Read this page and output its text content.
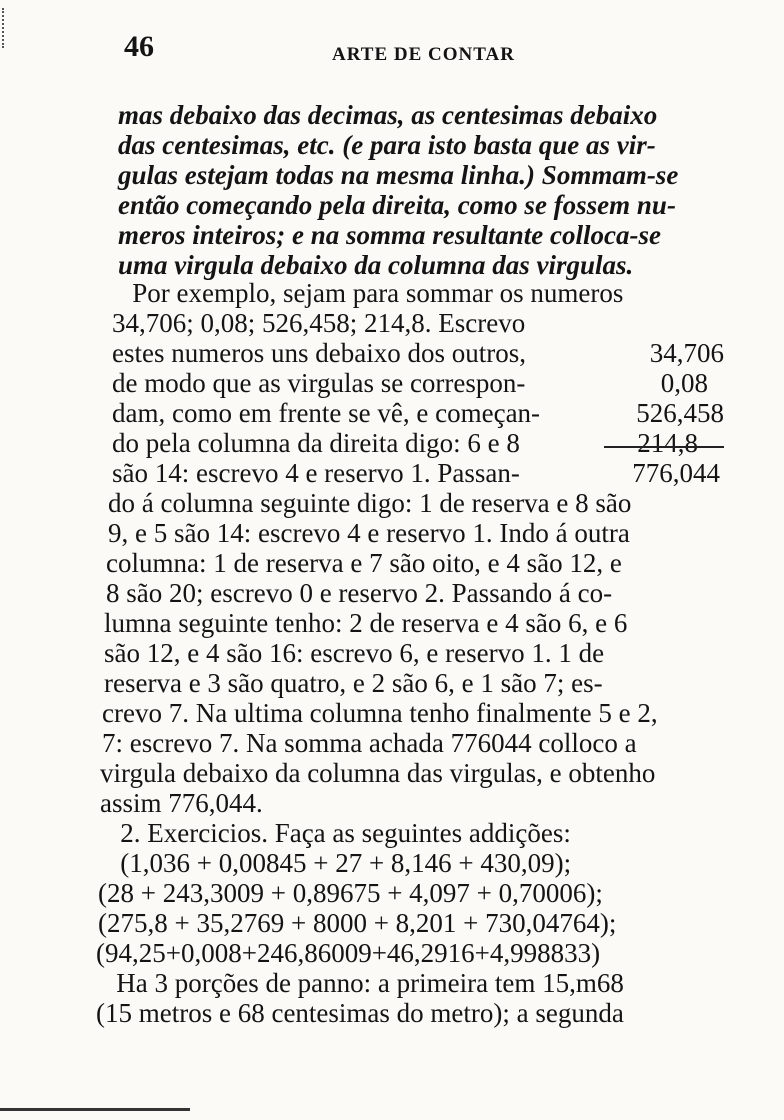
46	ARTE DE CONTAR
mas debaixo das decimas, as centesimas debaixo
das centesimas, etc. (e para isto basta que as vir-
gulas estejam todas na mesma linha.) Sommam-se
então começando pela direita, como se fossem nu-
meros inteiros; e na somma resultante colloca-se
uma virgula debaixo da columna das virgulas.
Por exemplo, sejam para sommar os numeros
34,706; 0,08; 526,458; 214,8. Escrevo
estes numeros uns debaixo dos outros,
de modo que as virgulas se correspon-
dam, como em frente se vê, e começan-
do pela columna da direita digo: 6 e 8
são 14: escrevo 4 e reservo 1. Passan-
do á columna seguinte digo: 1 de reserva e 8 são
9, e 5 são 14: escrevo 4 e reservo 1. Indo á outra
columna: 1 de reserva e 7 são oito, e 4 são 12, e
8 são 20; escrevo 0 e reservo 2. Passando á co-
lumna seguinte tenho: 2 de reserva e 4 são 6, e 6
são 12, e 4 são 16: escrevo 6, e reservo 1. 1 de
reserva e 3 são quatro, e 2 são 6, e 1 são 7; es-
crevo 7. Na ultima columna tenho finalmente 5 e 2,
7: escrevo 7. Na somma achada 776044 colloco a
virgula debaixo da columna das virgulas, e obtenho
assim 776,044.
2. Exercicios. Faça as seguintes addições:
(1,036 + 0,00845 + 27 + 8,146 + 430,09);
(28 + 243,3009 + 0,89675 + 4,097 + 0,70006);
(275,8 + 35,2769 + 8000 + 8,201 + 730,04764);
(94,25+0,008+246,86009+46,2916+4,998833)
Ha 3 porções de panno: a primeira tem 15,m68
(15 metros e 68 centesimas do metro); a segunda
34,706
0,08
526,458
214,8
776,044
